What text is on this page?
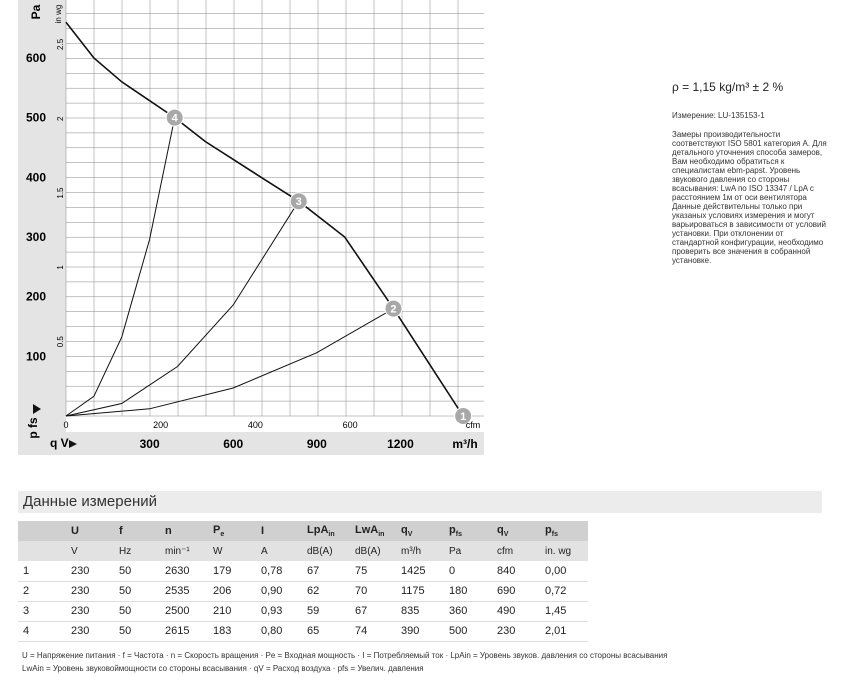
1
2
3
4
Pa in wg
100
200
300
400
500
600
0.5
1
1.5
2
2.5
p fs	0	200	400	600	cfm
q V	300	600	900	1200	m³/h
ρ = 1,15 kg/m³ ± 2 %
Измерение: LU-135153-1
Замеры производительности соответствуют ISO 5801 категория А. Для детального уточнения способа замеров, Вам необходимо обратиться к специалистам ebm-papst. Уровень звукового давления со стороны всасывания: LwA по ISO 13347 / LpA с расстоянием 1м от оси вентилятора Данные действительны только при указаных условиях измерения и могут варьироваться в зависимости от условий установки. При отклонении от стандартной конфигурации, необходимо проверить все значения в собранной установке.
Данные измерений
	U	f	n	$P_e$	I	LpA$_{in}$	LwA$_{in}$	$q_V$	$p_{fs}$	$q_V$	$p_{fs}$
	V	Hz	min⁻¹	W	A	dB(A)	dB(A)	m³/h	Pa	cfm	in. wg
1	230	50	2630	179	0,78	67	75	1425	0	840	0,00
2	230	50	2535	206	0,90	62	70	1175	180	690	0,72
3	230	50	2500	210	0,93	59	67	835	360	490	1,45
4	230	50	2615	183	0,80	65	74	390	500	230	2,01
U = Напряжение питания · f = Частота · n = Скорость вращения · Pe = Входная мощность · I = Потребляемый ток · LpAin = Уровень звуков. давления со стороны всасывания
LwAin = Уровень звуковоймощности со стороны всасывания · qV = Расход воздуха · pfs = Увелич. давления
